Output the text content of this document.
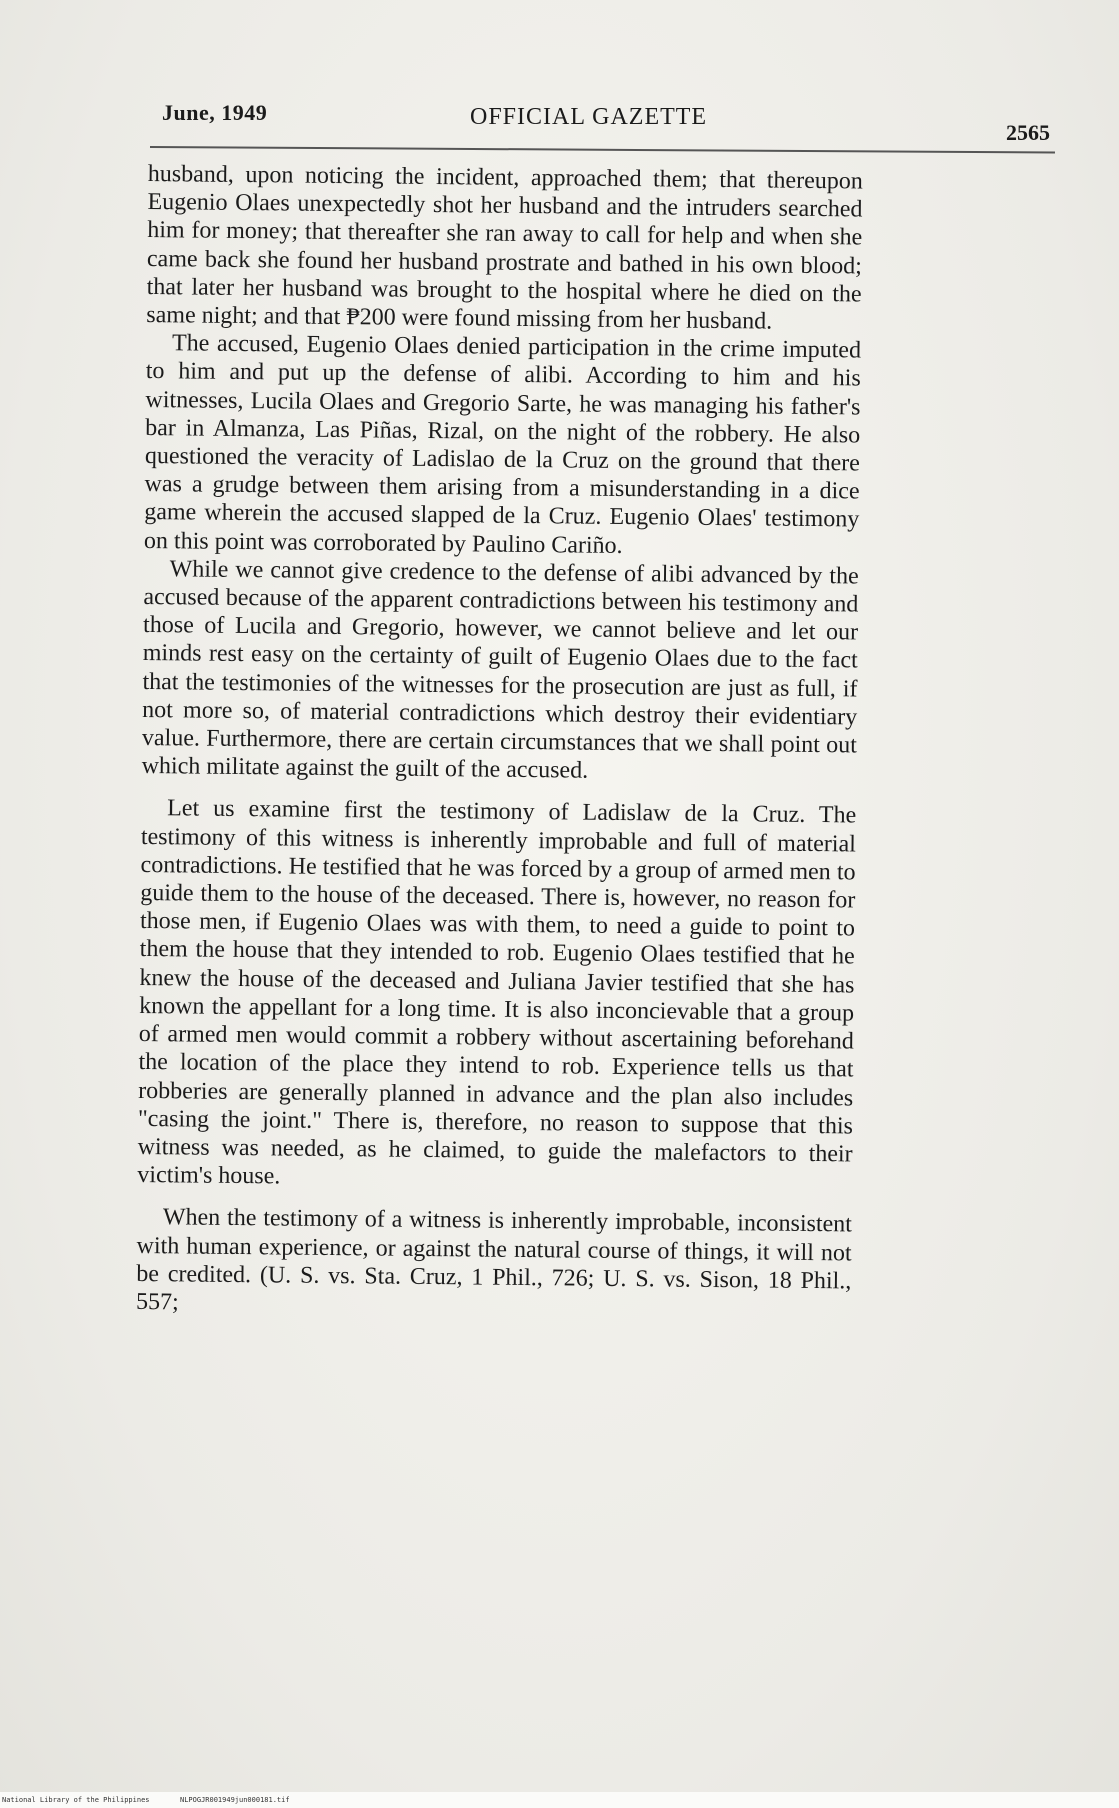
June, 1949	OFFICIAL GAZETTE
2565

husband, upon noticing the incident, approached them; that thereupon Eugenio Olaes unexpectedly shot her husband and the intruders searched him for money; that thereafter she ran away to call for help and when she came back she found her husband prostrate and bathed in his own blood; that later her husband was brought to the hospital where he died on the same night; and that ₱200 were found missing from her husband.

The accused, Eugenio Olaes denied participation in the crime imputed to him and put up the defense of alibi. According to him and his witnesses, Lucila Olaes and Gregorio Sarte, he was managing his father's bar in Almanza, Las Piñas, Rizal, on the night of the robbery. He also questioned the veracity of Ladislao de la Cruz on the ground that there was a grudge between them arising from a misunderstanding in a dice game wherein the accused slapped de la Cruz. Eugenio Olaes' testimony on this point was corroborated by Paulino Cariño.

While we cannot give credence to the defense of alibi advanced by the accused because of the apparent contradictions between his testimony and those of Lucila and Gregorio, however, we cannot believe and let our minds rest easy on the certainty of guilt of Eugenio Olaes due to the fact that the testimonies of the witnesses for the prosecution are just as full, if not more so, of material contradictions which destroy their evidentiary value. Furthermore, there are certain circumstances that we shall point out which militate against the guilt of the accused.

Let us examine first the testimony of Ladislaw de la Cruz. The testimony of this witness is inherently improbable and full of material contradictions. He testified that he was forced by a group of armed men to guide them to the house of the deceased. There is, however, no reason for those men, if Eugenio Olaes was with them, to need a guide to point to them the house that they intended to rob. Eugenio Olaes testified that he knew the house of the deceased and Juliana Javier testified that she has known the appellant for a long time. It is also inconcievable that a group of armed men would commit a robbery without ascertaining beforehand the location of the place they intend to rob. Experience tells us that robberies are generally planned in advance and the plan also includes "casing the joint." There is, therefore, no reason to suppose that this witness was needed, as he claimed, to guide the malefactors to their victim's house.

When the testimony of a witness is inherently improbable, inconsistent with human experience, or against the natural course of things, it will not be credited. (U. S. vs. Sta. Cruz, 1 Phil., 726; U. S. vs. Sison, 18 Phil., 557;

National Library of the Philippines	NLPOGJR001949jun000181.tif
